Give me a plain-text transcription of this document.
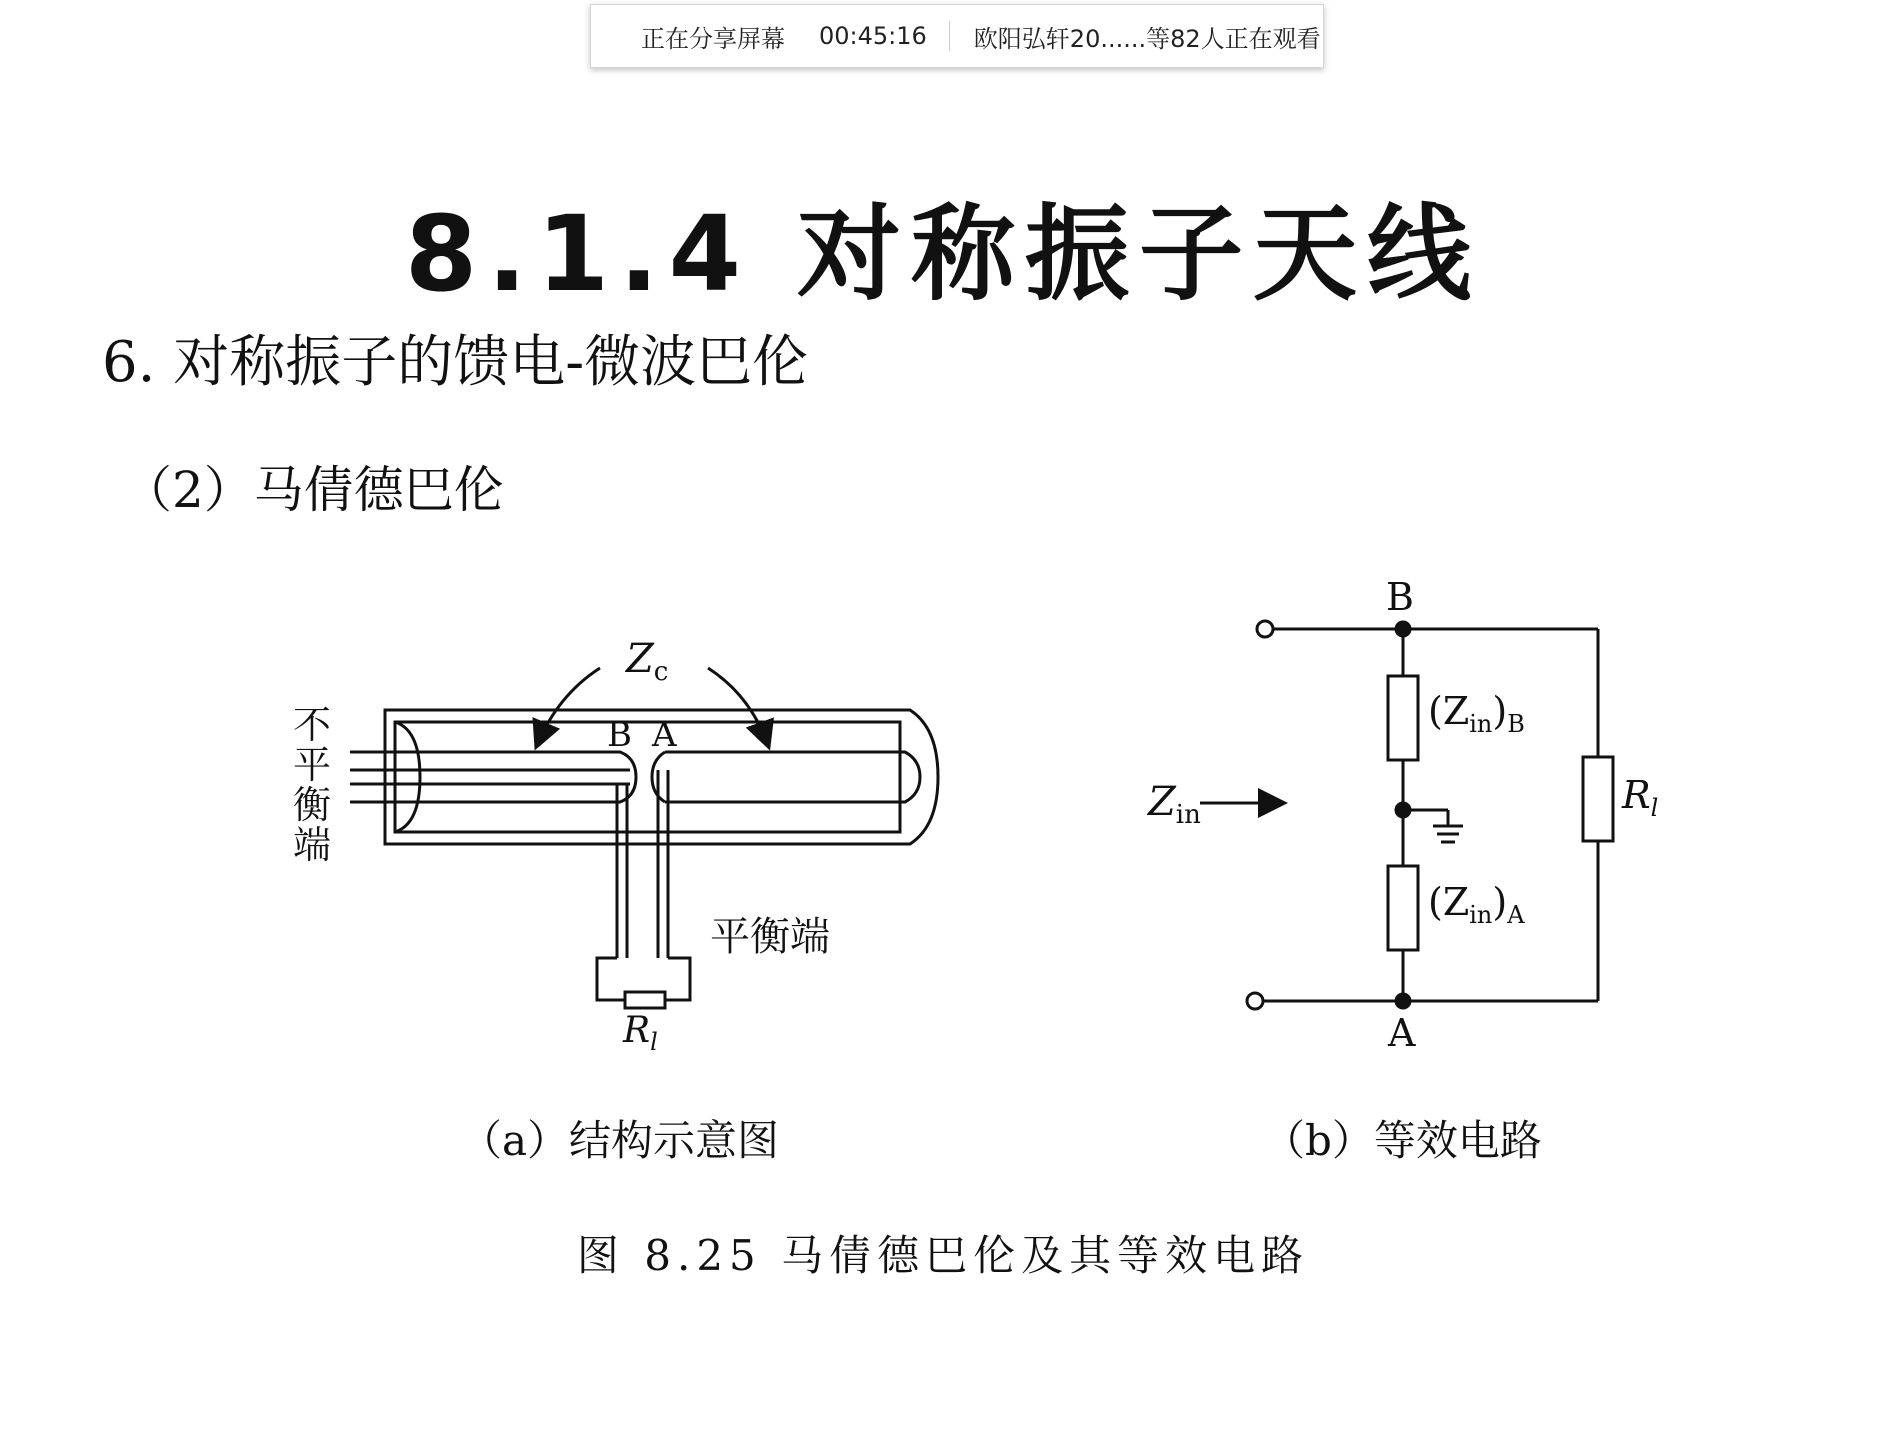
正在分享屏幕 00:45:16 欧阳弘轩20......等82人正在观看
8.1.4 对称振子天线
6. 对称振子的馈电-微波巴伦
（2）马倩德巴伦
$Z_c$
B A
不
平
衡
端
平衡端
$R_l$
B
A
$Z_{in}$
$(Z_{in})_B$
$(Z_{in})_A$
$R_l$
（a）结构示意图	（b）等效电路
图 8.25 马倩德巴伦及其等效电路
